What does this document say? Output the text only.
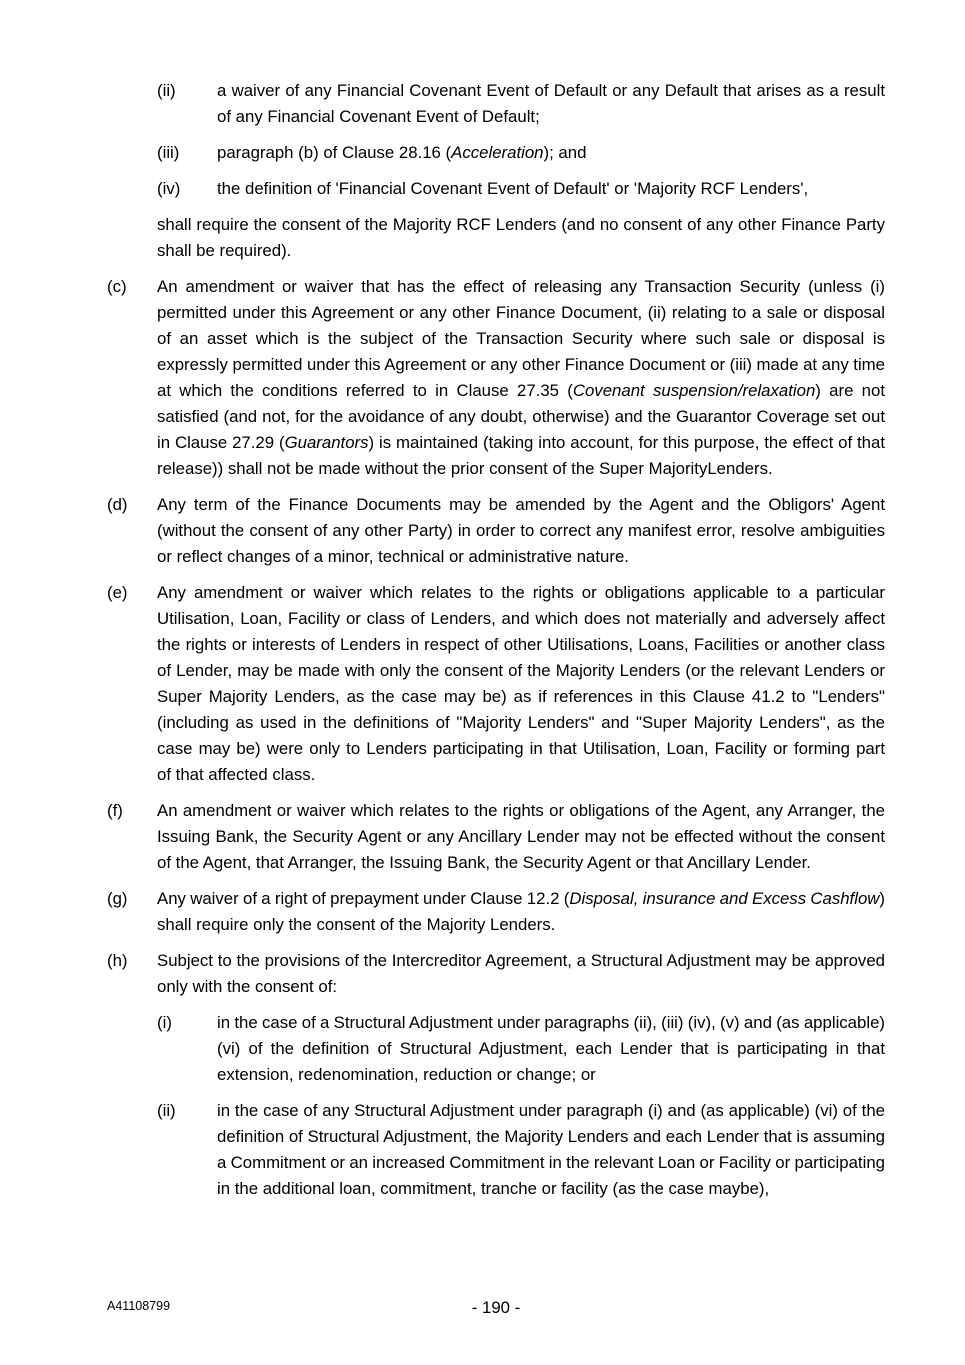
(ii) a waiver of any Financial Covenant Event of Default or any Default that arises as a result
of any Financial Covenant Event of Default;
(iii) paragraph (b) of Clause 28.16 (Acceleration); and
(iv) the definition of 'Financial Covenant Event of Default' or 'Majority RCF Lenders',
shall require the consent of the Majority RCF Lenders (and no consent of any other Finance Party
shall be required).
(c) An amendment or waiver that has the effect of releasing any Transaction Security (unless (i)
permitted under this Agreement or any other Finance Document, (ii) relating to a sale or disposal
of an asset which is the subject of the Transaction Security where such sale or disposal is
expressly permitted under this Agreement or any other Finance Document or (iii) made at any time
at which the conditions referred to in Clause 27.35 (Covenant suspension/relaxation) are not
satisfied (and not, for the avoidance of any doubt, otherwise) and the Guarantor Coverage set out
in Clause 27.29 (Guarantors) is maintained (taking into account, for this purpose, the effect of that
release)) shall not be made without the prior consent of the Super MajorityLenders.
(d) Any term of the Finance Documents may be amended by the Agent and the Obligors' Agent
(without the consent of any other Party) in order to correct any manifest error, resolve ambiguities
or reflect changes of a minor, technical or administrative nature.
(e) Any amendment or waiver which relates to the rights or obligations applicable to a particular
Utilisation, Loan, Facility or class of Lenders, and which does not materially and adversely affect
the rights or interests of Lenders in respect of other Utilisations, Loans, Facilities or another class
of Lender, may be made with only the consent of the Majority Lenders (or the relevant Lenders or
Super Majority Lenders, as the case may be) as if references in this Clause 41.2 to "Lenders"
(including as used in the definitions of "Majority Lenders" and "Super Majority Lenders", as the
case may be) were only to Lenders participating in that Utilisation, Loan, Facility or forming part
of that affected class.
(f) An amendment or waiver which relates to the rights or obligations of the Agent, any Arranger, the
Issuing Bank, the Security Agent or any Ancillary Lender may not be effected without the consent
of the Agent, that Arranger, the Issuing Bank, the Security Agent or that Ancillary Lender.
(g) Any waiver of a right of prepayment under Clause 12.2 (Disposal, insurance and Excess Cashflow)
shall require only the consent of the Majority Lenders.
(h) Subject to the provisions of the Intercreditor Agreement, a Structural Adjustment may be approved
only with the consent of:
(i)	in the case of a Structural Adjustment under paragraphs (ii), (iii) (iv), (v) and (as applicable)
(vi) of the definition of Structural Adjustment, each Lender that is participating in that
extension, redenomination, reduction or change; or
(ii) in the case of any Structural Adjustment under paragraph (i) and (as applicable) (vi) of the
definition of Structural Adjustment, the Majority Lenders and each Lender that is assuming
a Commitment or an increased Commitment in the relevant Loan or Facility or participating
in the additional loan, commitment, tranche or facility (as the case maybe),
A41108799	- 190 -
